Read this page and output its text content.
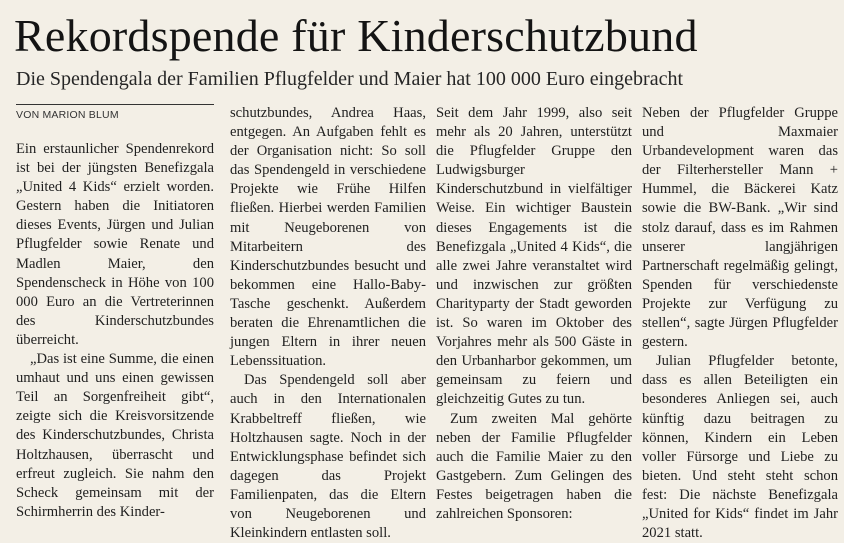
Rekordspende für Kinderschutzbund
Die Spendengala der Familien Pflugfelder und Maier hat 100 000 Euro eingebracht
VON MARION BLUM

Ein erstaunlicher Spendenrekord ist bei der jüngsten Benefizgala „United 4 Kids“ erzielt worden. Gestern haben die Initiatoren dieses Events, Jürgen und Julian Pflugfelder sowie Renate und Madlen Maier, den Spendenscheck in Höhe von 100 000 Euro an die Vertreterinnen des Kinderschutzbundes überreicht.

„Das ist eine Summe, die einen umhaut und uns einen gewissen Teil an Sorgenfreiheit gibt“, zeigte sich die Kreisvorsitzende des Kinderschutzbundes, Christa Holtzhausen, überrascht und erfreut zugleich. Sie nahm den Scheck gemeinsam mit der Schirmherrin des Kinder-

schutzbundes, Andrea Haas, entgegen. An Aufgaben fehlt es der Organisation nicht: So soll das Spendengeld in verschiedene Projekte wie Frühe Hilfen fließen. Hierbei werden Familien mit Neugeborenen von Mitarbeitern des Kinderschutzbundes besucht und bekommen eine Hallo-Baby-Tasche geschenkt. Außerdem beraten die Ehrenamtlichen die jungen Eltern in ihrer neuen Lebenssituation.

Das Spendengeld soll aber auch in den Internationalen Krabbeltreff fließen, wie Holtzhausen sagte. Noch in der Entwicklungsphase befindet sich dagegen das Projekt Familienpaten, das die Eltern von Neugeborenen und Kleinkindern entlasten soll.

Seit dem Jahr 1999, also seit mehr als 20 Jahren, unterstützt die Pflugfelder Gruppe den Ludwigsburger Kinderschutzbund in vielfältiger Weise. Ein wichtiger Baustein dieses Engagements ist die Benefizgala „United 4 Kids“, die alle zwei Jahre veranstaltet wird und inzwischen zur größten Charityparty der Stadt geworden ist. So waren im Oktober des Vorjahres mehr als 500 Gäste in den Urbanharbor gekommen, um gemeinsam zu feiern und gleichzeitig Gutes zu tun.

Zum zweiten Mal gehörte neben der Familie Pflugfelder auch die Familie Maier zu den Gastgebern. Zum Gelingen des Festes beigetragen haben die zahlreichen Sponsoren:

Neben der Pflugfelder Gruppe und Maxmaier Urbandevelopment waren das der Filterhersteller Mann + Hummel, die Bäckerei Katz sowie die BW-Bank. „Wir sind stolz darauf, dass es im Rahmen unserer langjährigen Partnerschaft regelmäßig gelingt, Spenden für verschiedenste Projekte zur Verfügung zu stellen“, sagte Jürgen Pflugfelder gestern.

Julian Pflugfelder betonte, dass es allen Beteiligten ein besonderes Anliegen sei, auch künftig dazu beitragen zu können, Kindern ein Leben voller Fürsorge und Liebe zu bieten. Und steht steht schon fest: Die nächste Benefizgala „United for Kids“ findet im Jahr 2021 statt.
